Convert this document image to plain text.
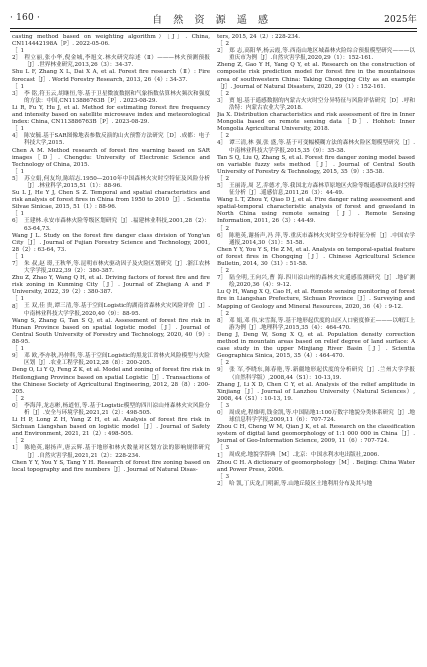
· 160 ·	自 然 资 源 遥 感	2025年

casting method based on weighting algorithm）［J］. China, CN114442198A［P］. 2022-05-06.

［12］ 程立丽,张小华,倪金城,李旭文.林火研究综述（Ⅱ）———林火预测预报［J］.世界林业研究,2013,26（3）：34-37.

Shu L F, Zhang X L, Dai X A, et al. Forest fire research（Ⅱ）: Fire forecast［J］. World Forestry Research, 2013, 26（4）: 34-37.

［13］ 李 铭,符玉云,胡继恒,等.基于卫星微波数据和气象指数估算林火频次和强度的方法：中国,CN113886763B［P］. 2023-08-29.

Li R, Fu Y, Hu J, et al. Method for estimating forest fire frequency and intensity based on satellite microwave index and meteorological index: China, CN113886763B［P］. 2023-08-29.

［14］ 陈安毓.基于SAR图像地表参数反演的山火预警方法研究［D］.成都：电子科技大学,2015.

Chen A M. Method research of forest fire warning based on SAR images［D］. Chengdu: University of Electronic Science and Technology of China, 2015.

［15］ 苏立娟,何友均,陈绍志.1950—2010年中国森林火灾时空特征及风险分析［J］.林业科学,2015,51（1）：88-96.

Su L J, He Y J, Chen S Z. Temporal and spatial characteristics and risk analysis of forest fires in China from 1950 to 2010［J］. Scientia Silvae Sinicae, 2015, 51（1）: 88-96.

［16］ 王建林.永安市森林火险等级区划研究［J］.福建林业科技,2001,28（2）：63-64,73.

Wang J L. Study on the forest fire danger class division of Yong'an City［J］. Journal of Fujian Forestry Science and Technology, 2001, 28（2）: 63-64, 73.

［17］ 朱 叔,赵 璟,王秋华,等.昆明市林火驱动因子及火险区划研究［J］.浙江农林大学学报,2022,39（2）：380-387.

Zhu Z, Zhao Y, Wang Q H, et al. Driving factors of forest fire and fire risk zoning in Kunming City［J］. Journal of Zhejiang A and F University, 2022, 39（2）: 380-387.

［18］ 王 双,佳 贵,谭三清,等.基于空间Logistic的湖南省森林火灾风险评价［J］.中南林业科技大学学报,2020,40（9）：88-95.

Wang S, Zhang G, Tan S Q, et al. Assessment of forest fire risk in Hunan Province based on spatial logistic model［J］. Journal of Central South University of Forestry and Technology, 2020, 40（9）: 88-95.

［19］ 邓 欧,李亦秋,冯仲科,等.基于空间Logistic的黑龙江省林火风险模型与火险区划［J］.农业工程学报,2012,28（8）：200-205.

Deng O, Li Y Q, Feng Z K, et al. Model and zoning of forest fire risk in Heilongjiang Province based on spatial Logistic［J］. Transactions of the Chinese Society of Agricultural Engineering, 2012, 28（8）: 200-205.

［20］ 李海萍,龙志彬,杨道恒,等.基于Logistic模型的四川凉山州森林火灾风险分析［J］.安全与环境学报,2021,21（2）：498-505.

Li H P, Long Z H, Yang Z H, et al. Analysis of forest fire risk in Sichuan Liangshan based on logistic model［J］. Journal of Safety and Environment, 2021, 21（2）: 498-505.

［21］ 陈艳英,谢扬声,唐云辉.基于地形和林火数量对区划方法的影响规律研究［J］.自然灾害学报,2021,21（2）：228-234.

Chen Y Y, You Y S, Tang Y H. Research of forest fire zoning based on local topography and fire numbers［J］. Journal of Natural Disas-

ters, 2015, 24（2）: 228-234.

［22］ 郑 志,高阳华,杨云霞,等.西南山地区城森林火险综合预报模型研究———以重庆市为例［J］.自然灾害学报,2020,29（1）：152-161.

Zheng Z, Gao Y H, Yang Q Y, et al. Research on the construction of composite risk prediction model for forest fire in the mountainous area of southwestern China: Taking Chongqing City as an example［J］. Journal of Natural Disasters, 2020, 29（1）: 152-161.

［23］ 贾 旭.基于遥感数据的内蒙古火灾时空分异特征与风险评估研究［D］.呼和浩特：内蒙古农业大学,2018.

Jia X. Distribution characteristics and risk assessment of fire in Inner Mongolia based on remote sensing data［D］. Hohhot: Inner Mongolia Agricultural University, 2018.

［24］ 谭三清,林 强,张 盛,等.基于可变幅模糊方法的森林火险区划模型研究［J］.中南林业科技大学学报,2015,35（9）：35-38.

Tan S Q, Liu Q, Zhang S, et al. Forest fire danger zoning model based on variable fuzzy sets method［J］. Journal of Central South University of Forestry & Technology, 2015, 35（9）: 35-38.

［25］ 王丽涛,周 艺,乔德才,等.我国北方森林草原地区火险等级遥感评估及时空特征分析［J］.遥感信息,2011,26（3）：44-49.

Wang L T, Zhou Y, Qiao D J, et al. Fire danger rating assessment and spatial-temporal characteristic analysis of forest and grassland in North China using remote sensing［J］. Remote Sensing Information, 2011, 26（3）: 44-49.

［26］ 陈艳英,谢扬声,冯 萍,等.重庆市森林火灾时空分布特征分析［J］.中国农学通报,2014,30（31）：51-58.

Chen Y Y, You Y S, He Z M, et al. Analysis on temporal-spatial feature of forest fires in Chongqing［J］. Chinese Agricultural Science Bulletin, 2014, 30（31）: 51-58.

［27］ 陆全明,王向兴,曹 海.四川凉山州的森林火灾遥感监测研究［J］.地矿测绘,2020,36（4）：9-12.

Lu Q H, Wang X Q, Cao H, et al. Remote sensing monitoring of forest fire in Liangshan Prefecture, Sichuan Province［J］. Surveying and Mapping of Geology and Mineral Resources, 2020, 36（4）: 9-12.

［28］ 邓 娟,邓 伟,宋雪海,等.基于地形起伏度的山区人口密度修正———以岷江上游为例［J］.地理科学,2015,35（4）：464-470.

Deng J, Deng W, Song X Q, et al. Population density correction method in mountain areas based on relief degree of land surface: A case study in the upper Minjiang River Basin［J］. Scientia Geographica Sinica, 2015, 35（4）: 464-470.

［29］ 张 军,李晓东,陈春艳,等.新疆地形起伏度的分析研究［J］.兰州大学学报（自然科学版）,2008,44（S1）：10-13,19.

Zhang J, Li X D, Chen C Y, et al. Analysis of the relief amplitude in Xinjiang［J］. Journal of Lanzhou University（Natural Sciences）, 2008, 44（S1）: 10-13, 19.

［30］ 周成虎,程维明,钱金凯,等.中国陆地1:100万数字地貌分类体系研究［J］.地球信息科学学报,2009,11（6）：707-724.

Zhou C H, Cheng W M, Qian J K, et al. Research on the classification system of digital land geomorphology of 1:1 000 000 in China［J］. Journal of Geo-Information Science, 2009, 11（6）: 707-724.

［31］ 周成虎.地貌学辞典［M］.北京：中国水利水电出版社,2006.

Zhou C H. A dictionary of geomorphology［M］. Beijing: China Water and Power Press, 2006.

［32］ 哈 凯,丁庆龙,门明新,等.山地丘陵区土地利用分布及其与地
